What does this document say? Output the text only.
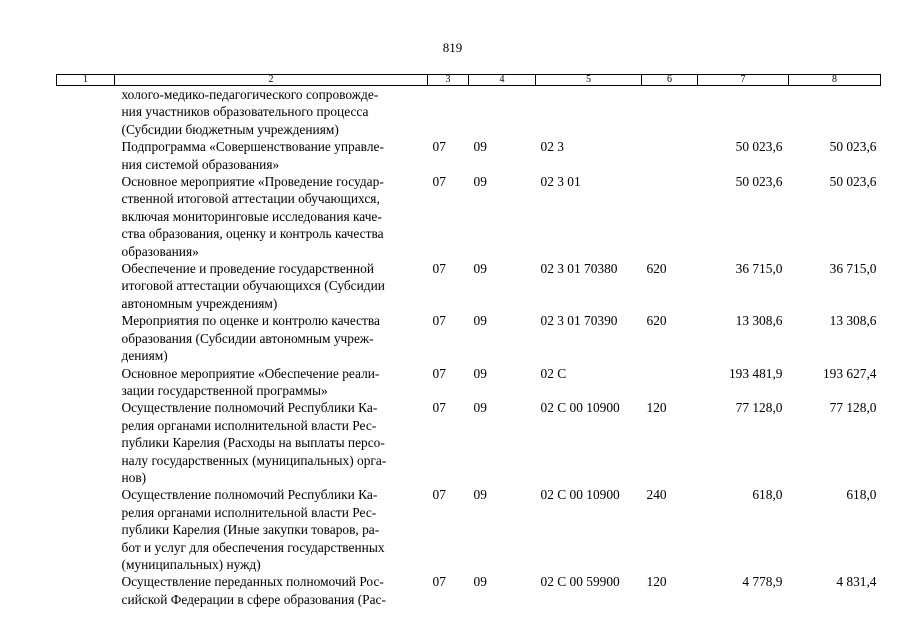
819
1	2	3	4	5	6	7	8

	холого-медико-педагогического сопровожде-
ния участников образовательного процесса
(Субсидии бюджетным учреждениям)						

	Подпрограмма «Совершенствование управле-
ния системой образования»	07	09	02 3		50 023,6	50 023,6

	Основное мероприятие «Проведение государ-
ственной итоговой аттестации обучающихся,
включая мониторинговые исследования каче-
ства образования, оценку и контроль качества
образования»	07	09	02 3 01		50 023,6	50 023,6

	Обеспечение и проведение государственной
итоговой аттестации обучающихся (Субсидии
автономным учреждениям)	07	09	02 3 01 70380	620	36 715,0	36 715,0

	Мероприятия по оценке и контролю качества
образования (Субсидии автономным учреж-
дениям)	07	09	02 3 01 70390	620	13 308,6	13 308,6

	Основное мероприятие «Обеспечение реали-
зации государственной программы»	07	09	02 С		193 481,9	193 627,4

	Осуществление полномочий Республики Ка-
релия органами исполнительной власти Рес-
публики Карелия (Расходы на выплаты персо-
налу государственных (муниципальных) орга-
нов)	07	09	02 С 00 10900	120	77 128,0	77 128,0

	Осуществление полномочий Республики Ка-
релия органами исполнительной власти Рес-
публики Карелия (Иные закупки товаров, ра-
бот и услуг для обеспечения государственных
(муниципальных) нужд)	07	09	02 С 00 10900	240	618,0	618,0

	Осуществление переданных полномочий Рос-
сийской Федерации в сфере образования (Рас-	07	09	02 С 00 59900	120	4 778,9	4 831,4
